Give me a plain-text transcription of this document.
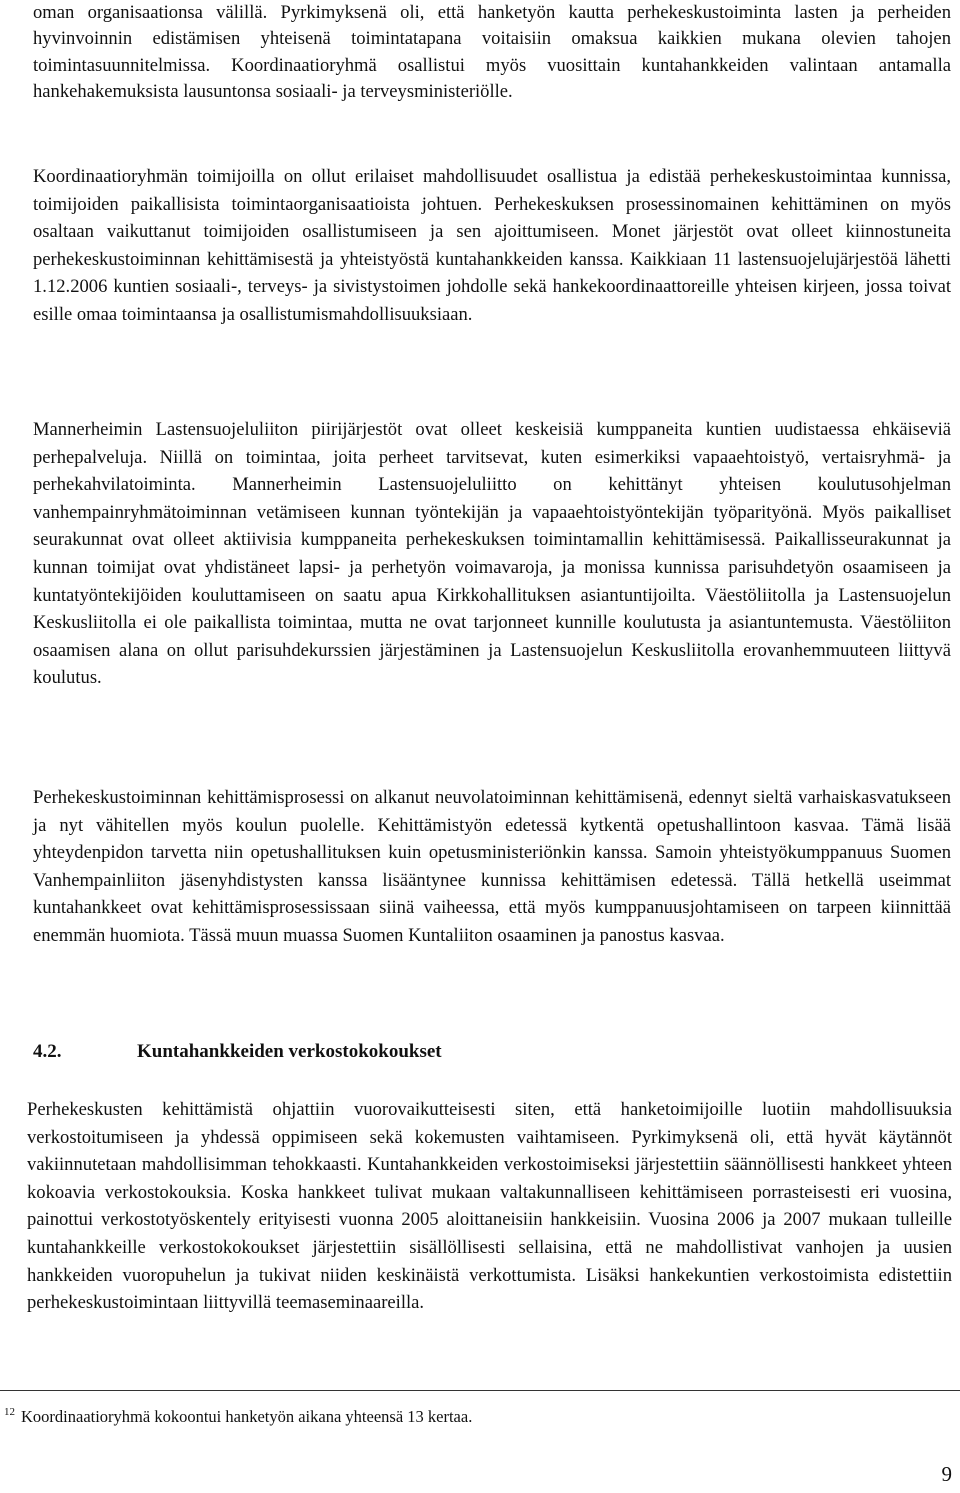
oman organisaationsa välillä. Pyrkimyksenä oli, että hanketyön kautta perhekeskustoiminta lasten ja perheiden hyvinvoinnin edistämisen yhteisenä toimintatapana voitaisiin omaksua kaikkien mukana olevien tahojen toimintasuunnitelmissa. Koordinaatioryhmä osallistui myös vuosittain kuntahankkeiden valintaan antamalla hankehakemuksista lausuntonsa sosiaali- ja terveysministeriölle.

Koordinaatioryhmän toimijoilla on ollut erilaiset mahdollisuudet osallistua ja edistää perhekeskustoimintaa kunnissa, toimijoiden paikallisista toimintaorganisaatioista johtuen. Perhekeskuksen prosessinomainen kehittäminen on myös osaltaan vaikuttanut toimijoiden osallistumiseen ja sen ajoittumiseen. Monet järjestöt ovat olleet kiinnostuneita perhekeskustoiminnan kehittämisestä ja yhteistyöstä kuntahankkeiden kanssa. Kaikkiaan 11 lastensuojelujärjestöä lähetti 1.12.2006 kuntien sosiaali-, terveys- ja sivistystoimen johdolle sekä hankekoordinaattoreille yhteisen kirjeen, jossa toivat esille omaa toimintaansa ja osallistumismahdollisuuksiaan.

Mannerheimin Lastensuojeluliiton piirijärjestöt ovat olleet keskeisiä kumppaneita kuntien uudistaessa ehkäiseviä perhepalveluja. Niillä on toimintaa, joita perheet tarvitsevat, kuten esimerkiksi vapaaehtoistyö, vertaisryhmä- ja perhekahvilatoiminta. Mannerheimin Lastensuojeluliitto on kehittänyt yhteisen koulutusohjelman vanhempainryhmätoiminnan vetämiseen kunnan työntekijän ja vapaaehtoistyöntekijän työparityönä. Myös paikalliset seurakunnat ovat olleet aktiivisia kumppaneita perhekeskuksen toimintamallin kehittämisessä. Paikallisseurakunnat ja kunnan toimijat ovat yhdistäneet lapsi- ja perhetyön voimavaroja, ja monissa kunnissa parisuhdetyön osaamiseen ja kuntatyöntekijöiden kouluttamiseen on saatu apua Kirkkohallituksen asiantuntijoilta. Väestöliitolla ja Lastensuojelun Keskusliitolla ei ole paikallista toimintaa, mutta ne ovat tarjonneet kunnille koulutusta ja asiantuntemusta. Väestöliiton osaamisen alana on ollut parisuhdekurssien järjestäminen ja Lastensuojelun Keskusliitolla erovanhemmuuteen liittyvä koulutus.

Perhekeskustoiminnan kehittämisprosessi on alkanut neuvolatoiminnan kehittämisenä, edennyt sieltä varhaiskasvatukseen ja nyt vähitellen myös koulun puolelle. Kehittämistyön edetessä kytkentä opetushallintoon kasvaa. Tämä lisää yhteydenpidon tarvetta niin opetushallituksen kuin opetusministeriönkin kanssa. Samoin yhteistyökumppanuus Suomen Vanhempainliiton jäsenyhdistysten kanssa lisääntynee kunnissa kehittämisen edetessä. Tällä hetkellä useimmat kuntahankkeet ovat kehittämisprosessissaan siinä vaiheessa, että myös kumppanuusjohtamiseen on tarpeen kiinnittää enemmän huomiota. Tässä muun muassa Suomen Kuntaliiton osaaminen ja panostus kasvaa.

4.2.	Kuntahankkeiden verkostokokoukset

Perhekeskusten kehittämistä ohjattiin vuorovaikutteisesti siten, että hanketoimijoille luotiin mahdollisuuksia verkostoitumiseen ja yhdessä oppimiseen sekä kokemusten vaihtamiseen. Pyrkimyksenä oli, että hyvät käytännöt vakiinnutetaan mahdollisimman tehokkaasti. Kuntahankkeiden verkostoimiseksi järjestettiin säännöllisesti hankkeet yhteen kokoavia verkostokouksia. Koska hankkeet tulivat mukaan valtakunnalliseen kehittämiseen porrasteisesti eri vuosina, painottui verkostotyöskentely erityisesti vuonna 2005 aloittaneisiin hankkeisiin. Vuosina 2006 ja 2007 mukaan tulleille kuntahankkeille verkostokokoukset järjestettiin sisällöllisesti sellaisina, että ne mahdollistivat vanhojen ja uusien hankkeiden vuoropuhelun ja tukivat niiden keskinäistä verkottumista. Lisäksi hankekuntien verkostoimista edistettiin perhekeskustoimintaan liittyvillä teemaseminaareilla.

$^{12}$ Koordinaatioryhmä kokoontui hanketyön aikana yhteensä 13 kertaa.

9
